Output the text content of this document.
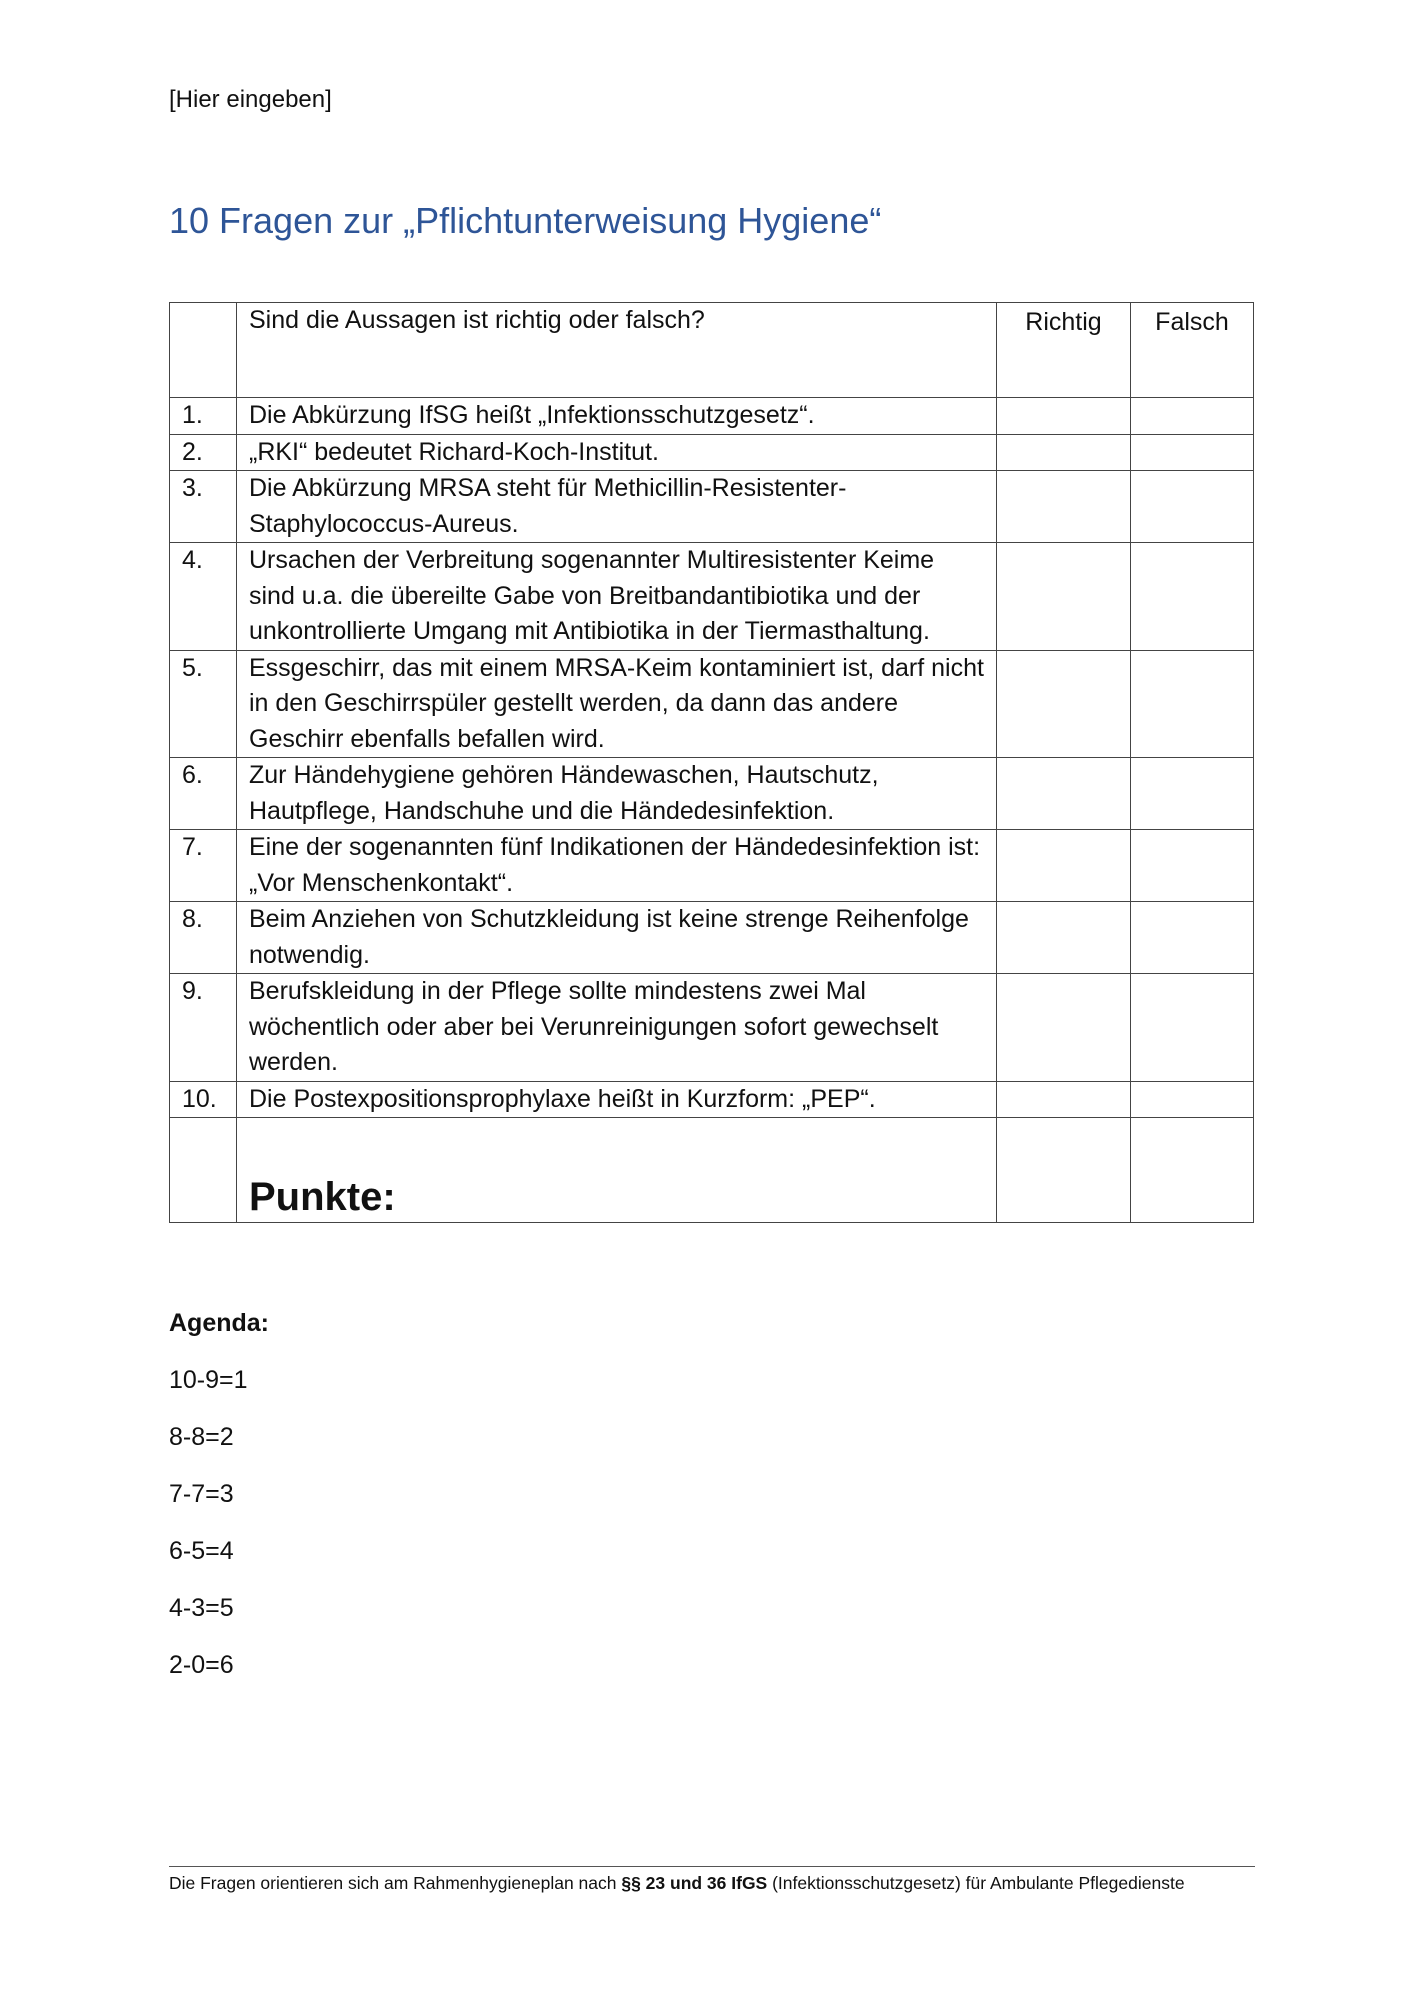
[Hier eingeben]
10 Fragen zur „Pflichtunterweisung Hygiene“
	Sind die Aussagen ist richtig oder falsch?	Richtig	Falsch
1.	Die Abkürzung IfSG heißt „Infektionsschutzgesetz“.		
2.	„RKI“ bedeutet Richard-Koch-Institut.		
3.	Die Abkürzung MRSA steht für Methicillin-Resistenter-Staphylococcus-Aureus.		
4.	Ursachen der Verbreitung sogenannter Multiresistenter Keime sind u.a. die übereilte Gabe von Breitbandantibiotika und der unkontrollierte Umgang mit Antibiotika in der Tiermasthaltung.		
5.	Essgeschirr, das mit einem MRSA-Keim kontaminiert ist, darf nicht in den Geschirrspüler gestellt werden, da dann das andere Geschirr ebenfalls befallen wird.		
6.	Zur Händehygiene gehören Händewaschen, Hautschutz, Hautpflege, Handschuhe und die Händedesinfektion.		
7.	Eine der sogenannten fünf Indikationen der Händedesinfektion ist: „Vor Menschenkontakt“.		
8.	Beim Anziehen von Schutzkleidung ist keine strenge Reihenfolge notwendig.		
9.	Berufskleidung in der Pflege sollte mindestens zwei Mal wöchentlich oder aber bei Verunreinigungen sofort gewechselt werden.		
10.	Die Postexpositionsprophylaxe heißt in Kurzform: „PEP“.		

	Punkte:		

Agenda:
10-9=1
8-8=2
7-7=3
6-5=4
4-3=5
2-0=6
Die Fragen orientieren sich am Rahmenhygieneplan nach §§ 23 und 36 IfGS (Infektionsschutzgesetz) für Ambulante Pflegedienste
